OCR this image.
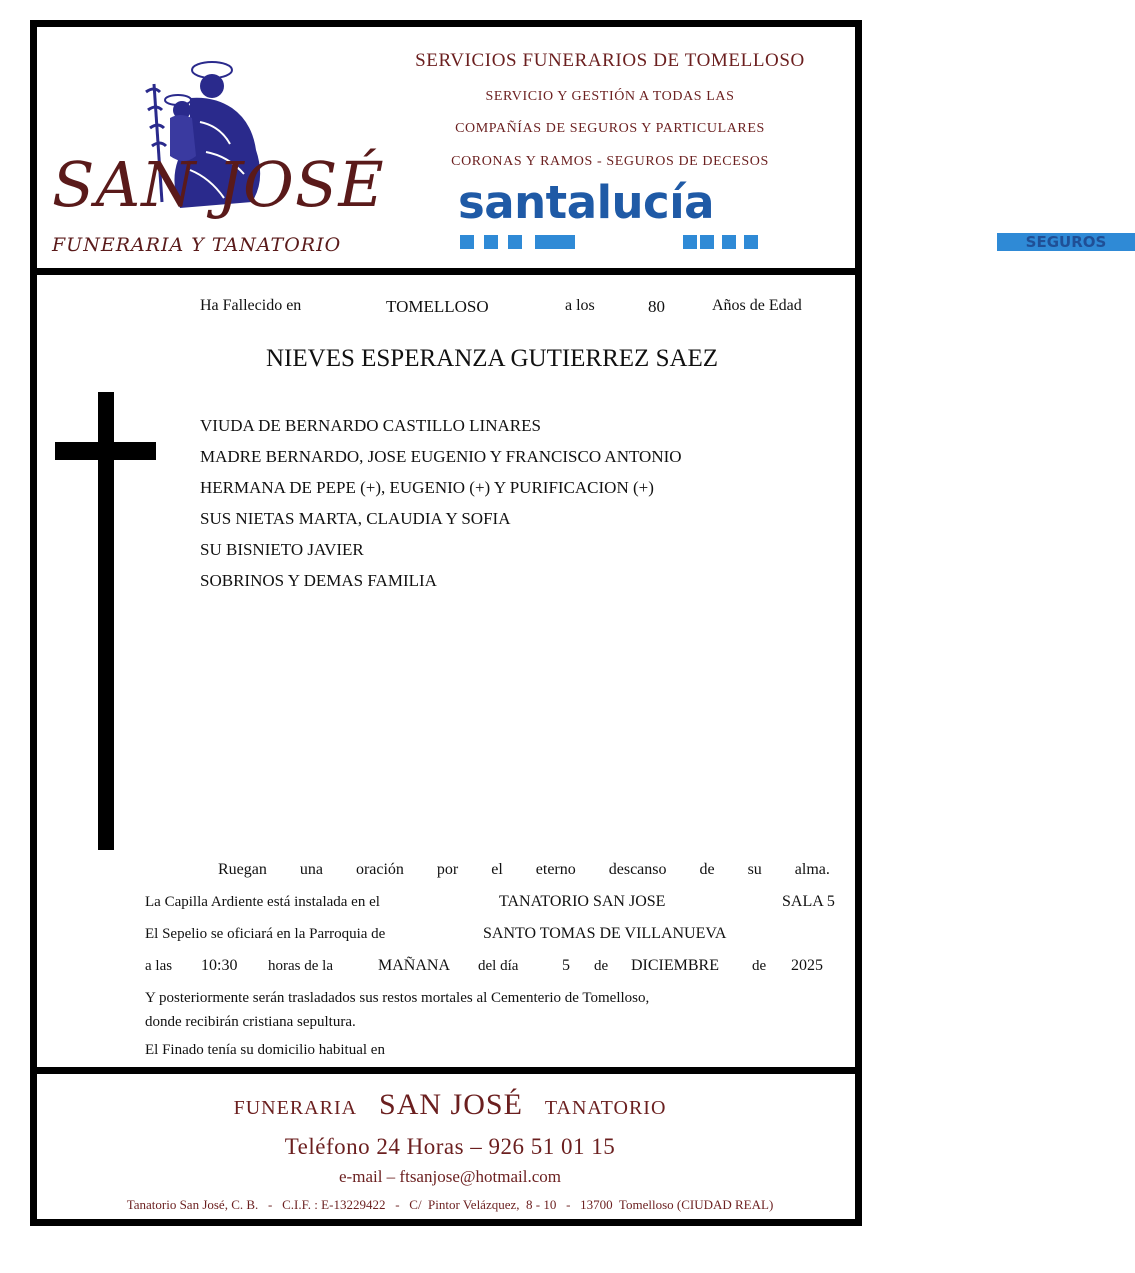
SAN JOSÉ
FUNERARIA Y TANATORIO
SERVICIOS FUNERARIOS DE TOMELLOSO
SERVICIO Y GESTIÓN A TODAS LAS
COMPAÑÍAS DE SEGUROS Y PARTICULARES
CORONAS Y RAMOS - SEGUROS DE DECESOS
santalucía
SEGUROS
Ha Fallecido en	TOMELLOSO	a los	80	Años de Edad
NIEVES ESPERANZA GUTIERREZ SAEZ
VIUDA DE BERNARDO CASTILLO LINARES
MADRE BERNARDO, JOSE EUGENIO Y FRANCISCO ANTONIO
HERMANA DE PEPE (+), EUGENIO (+) Y PURIFICACION (+)
SUS NIETAS MARTA, CLAUDIA Y SOFIA
SU BISNIETO JAVIER
SOBRINOS Y DEMAS FAMILIA
Ruegan una oración por el eterno descanso de su alma.
La Capilla Ardiente está instalada en el	TANATORIO SAN JOSE	SALA 5
El Sepelio se oficiará en la Parroquia de	SANTO TOMAS DE VILLANUEVA
a las 10:30 horas de la	MAÑANA del día	5 de DICIEMBRE de 2025
Y posteriormente serán trasladados sus restos mortales al Cementerio de Tomelloso,
donde recibirán cristiana sepultura.
El Finado tenía su domicilio habitual en
FUNERARIA SAN JOSÉ TANATORIO
Teléfono 24 Horas – 926 51 01 15
e-mail – ftsanjose@hotmail.com
Tanatorio San José, C. B.   -   C.I.F. : E-13229422   -   C/  Pintor Velázquez,  8 - 10   -   13700  Tomelloso (CIUDAD REAL)
